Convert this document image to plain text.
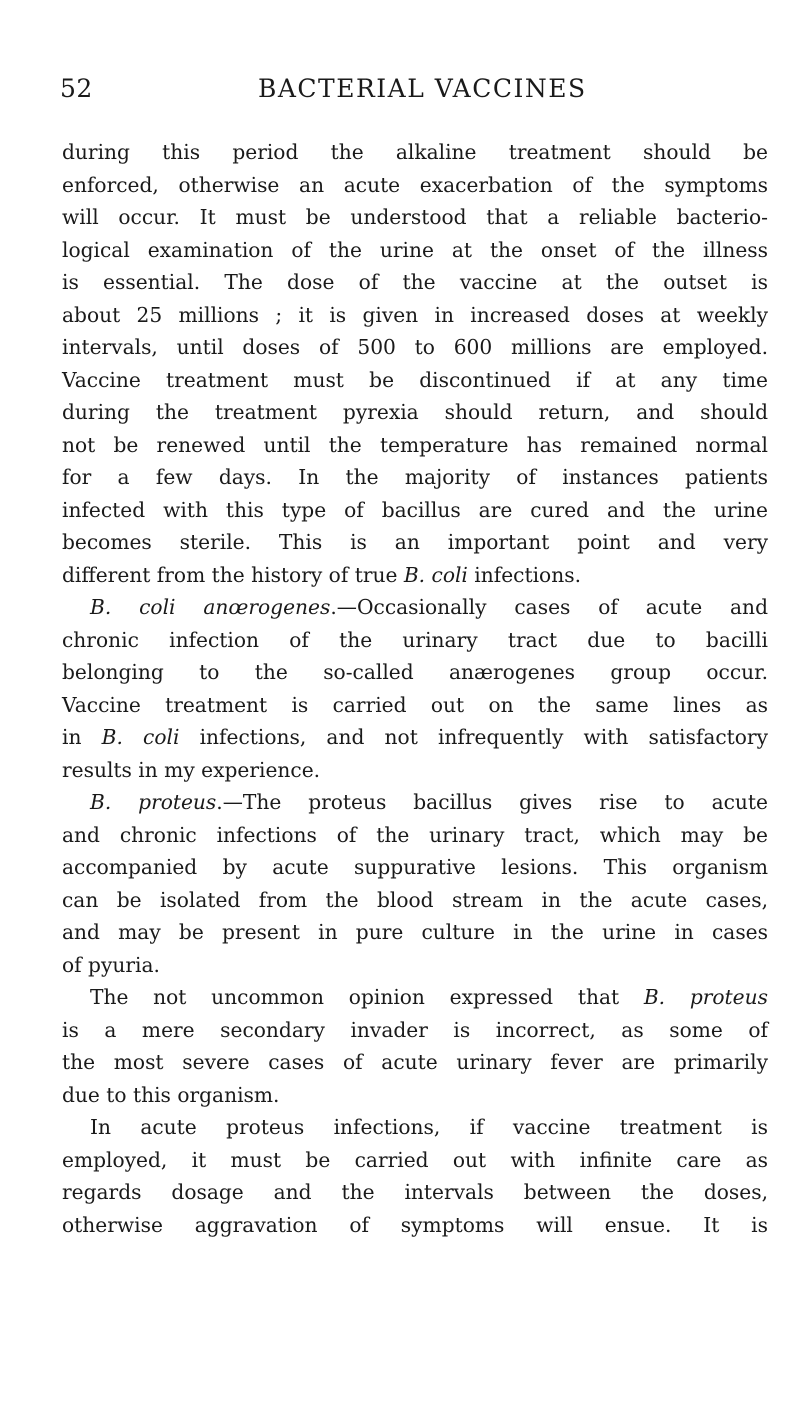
52	BACTERIAL VACCINES
during this period the alkaline treatment should be
enforced, otherwise an acute exacerbation of the symptoms
will occur. It must be understood that a reliable bacterio-
logical examination of the urine at the onset of the illness
is essential. The dose of the vaccine at the outset is
about 25 millions ; it is given in increased doses at weekly
intervals, until doses of 500 to 600 millions are employed.
Vaccine treatment must be discontinued if at any time
during the treatment pyrexia should return, and should
not be renewed until the temperature has remained normal
for a few days. In the majority of instances patients
infected with this type of bacillus are cured and the urine
becomes sterile. This is an important point and very
different from the history of true B. coli infections.
B. coli anœrogenes.—Occasionally cases of acute and
chronic infection of the urinary tract due to bacilli
belonging to the so-called anærogenes group occur.
Vaccine treatment is carried out on the same lines as
in B. coli infections, and not infrequently with satisfactory
results in my experience.
B. proteus.—The proteus bacillus gives rise to acute
and chronic infections of the urinary tract, which may be
accompanied by acute suppurative lesions. This organism
can be isolated from the blood stream in the acute cases,
and may be present in pure culture in the urine in cases
of pyuria.
The not uncommon opinion expressed that B. proteus
is a mere secondary invader is incorrect, as some of
the most severe cases of acute urinary fever are primarily
due to this organism.
In acute proteus infections, if vaccine treatment is
employed, it must be carried out with infinite care as
regards dosage and the intervals between the doses,
otherwise aggravation of symptoms will ensue. It is
